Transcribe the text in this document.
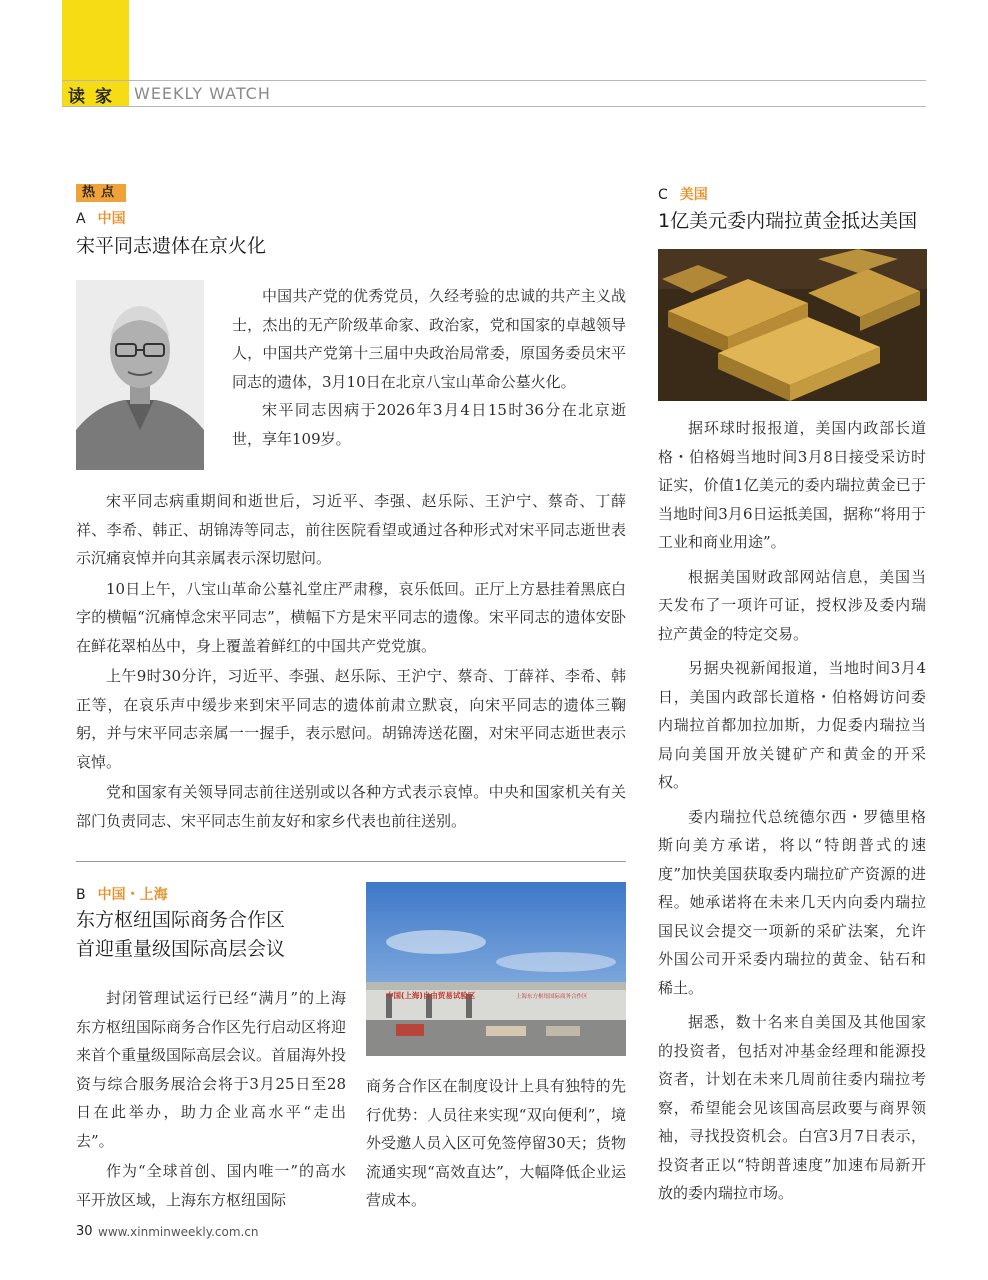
读家 WEEKLY WATCH
热点
A 中国
宋平同志遗体在京火化

中国共产党的优秀党员，久经考验的忠诚的共产主义战士，杰出的无产阶级革命家、政治家，党和国家的卓越领导人，中国共产党第十三届中央政治局常委，原国务委员宋平同志的遗体，3月10日在北京八宝山革命公墓火化。

宋平同志因病于2026年3月4日15时36分在北京逝世，享年109岁。

宋平同志病重期间和逝世后，习近平、李强、赵乐际、王沪宁、蔡奇、丁薛祥、李希、韩正、胡锦涛等同志，前往医院看望或通过各种形式对宋平同志逝世表示沉痛哀悼并向其亲属表示深切慰问。

10日上午，八宝山革命公墓礼堂庄严肃穆，哀乐低回。正厅上方悬挂着黑底白字的横幅“沉痛悼念宋平同志”，横幅下方是宋平同志的遗像。宋平同志的遗体安卧在鲜花翠柏丛中，身上覆盖着鲜红的中国共产党党旗。

上午9时30分许，习近平、李强、赵乐际、王沪宁、蔡奇、丁薛祥、李希、韩正等，在哀乐声中缓步来到宋平同志的遗体前肃立默哀，向宋平同志的遗体三鞠躬，并与宋平同志亲属一一握手，表示慰问。胡锦涛送花圈，对宋平同志逝世表示哀悼。

党和国家有关领导同志前往送别或以各种方式表示哀悼。中央和国家机关有关部门负责同志、宋平同志生前友好和家乡代表也前往送别。

B 中国・上海
东方枢纽国际商务合作区
首迎重量级国际高层会议
中国(上海)自由贸易试验区	上海东方枢纽国际商务合作区

封闭管理试运行已经“满月”的上海东方枢纽国际商务合作区先行启动区将迎来首个重量级国际高层会议。首届海外投资与综合服务展洽会将于3月25日至28日在此举办，助力企业高水平“走出去”。

作为“全球首创、国内唯一”的高水平开放区域，上海东方枢纽国际

商务合作区在制度设计上具有独特的先行优势：人员往来实现“双向便利”，境外受邀人员入区可免签停留30天；货物流通实现“高效直达”，大幅降低企业运营成本。

C 美国
1亿美元委内瑞拉黄金抵达美国

据环球时报报道，美国内政部长道格・伯格姆当地时间3月8日接受采访时证实，价值1亿美元的委内瑞拉黄金已于当地时间3月6日运抵美国，据称“将用于工业和商业用途”。

根据美国财政部网站信息，美国当天发布了一项许可证，授权涉及委内瑞拉产黄金的特定交易。

另据央视新闻报道，当地时间3月4日，美国内政部长道格・伯格姆访问委内瑞拉首都加拉加斯，力促委内瑞拉当局向美国开放关键矿产和黄金的开采权。

委内瑞拉代总统德尔西・罗德里格斯向美方承诺，将以“特朗普式的速度”加快美国获取委内瑞拉矿产资源的进程。她承诺将在未来几天内向委内瑞拉国民议会提交一项新的采矿法案，允许外国公司开采委内瑞拉的黄金、钻石和稀土。

据悉，数十名来自美国及其他国家的投资者，包括对冲基金经理和能源投资者，计划在未来几周前往委内瑞拉考察，希望能会见该国高层政要与商界领袖，寻找投资机会。白宫3月7日表示，投资者正以“特朗普速度”加速布局新开放的委内瑞拉市场。

30 www.xinminweekly.com.cn
